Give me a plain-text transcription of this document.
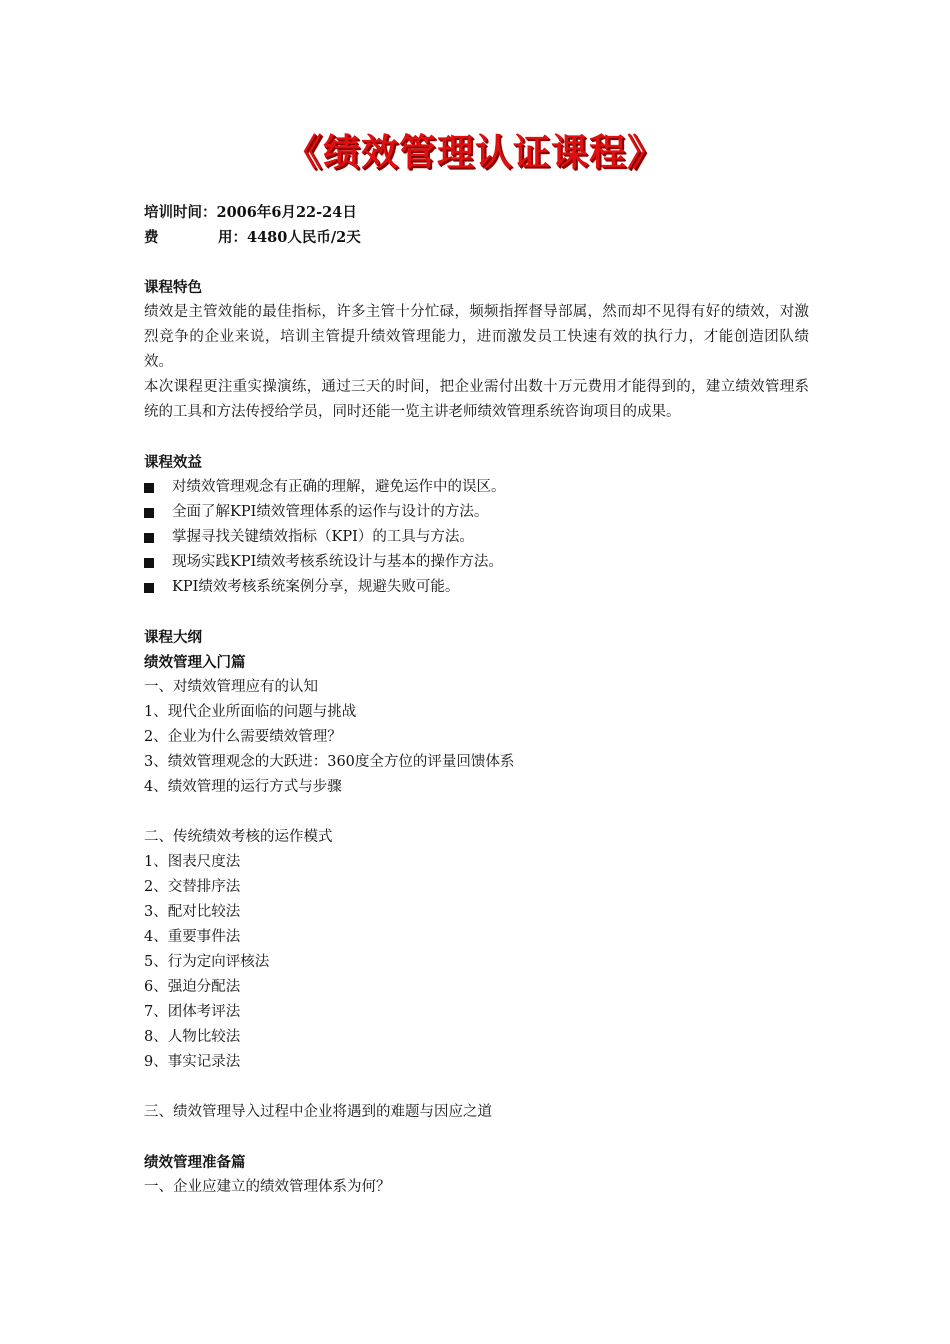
《绩效管理认证课程》
培训时间：2006年6月22-24日
费	用：4480人民币/2天
课程特色
绩效是主管效能的最佳指标，许多主管十分忙碌，频频指挥督导部属，然而却不见得有好的绩效，对激烈竞争的企业来说，培训主管提升绩效管理能力，进而激发员工快速有效的执行力，才能创造团队绩效。
本次课程更注重实操演练，通过三天的时间，把企业需付出数十万元费用才能得到的，建立绩效管理系统的工具和方法传授给学员，同时还能一览主讲老师绩效管理系统咨询项目的成果。
课程效益
对绩效管理观念有正确的理解，避免运作中的误区。
全面了解KPI绩效管理体系的运作与设计的方法。
掌握寻找关键绩效指标（KPI）的工具与方法。
现场实践KPI绩效考核系统设计与基本的操作方法。
KPI绩效考核系统案例分享，规避失败可能。
课程大纲
绩效管理入门篇
一、对绩效管理应有的认知
1、现代企业所面临的问题与挑战
2、企业为什么需要绩效管理？
3、绩效管理观念的大跃进：360度全方位的评量回馈体系
4、绩效管理的运行方式与步骤
二、传统绩效考核的运作模式
1、图表尺度法
2、交替排序法
3、配对比较法
4、重要事件法
5、行为定向评核法
6、强迫分配法
7、团体考评法
8、人物比较法
9、事实记录法
三、绩效管理导入过程中企业将遇到的难题与因应之道
绩效管理准备篇
一、企业应建立的绩效管理体系为何？
